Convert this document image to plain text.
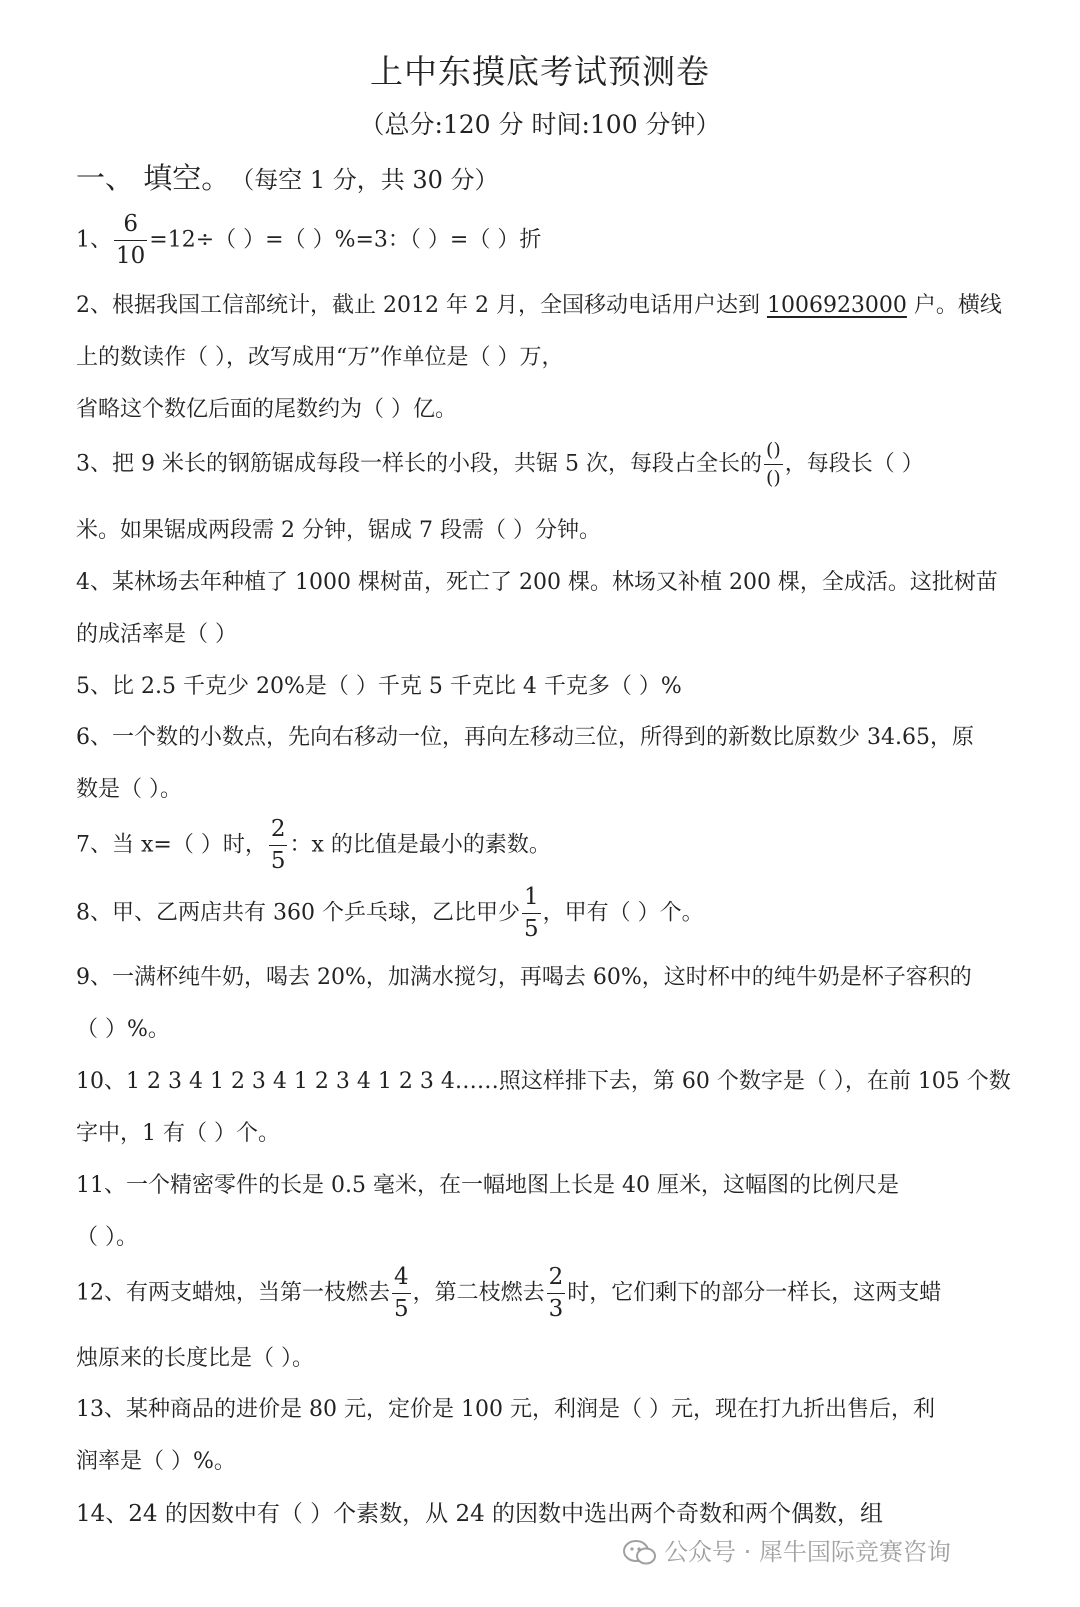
上中东摸底考试预测卷
（总分:120 分 时间:100 分钟）
一、 填空。 （每空 1 分，共 30 分）
1、 $\frac{6}{10} =12\div$（ ）=（ ）%=3：（ ）=（ ）折
2、根据我国工信部统计，截止 2012 年 2 月，全国移动电话用户达到 1006923000 户。横线
上的数读作（ ），改写成用“万”作单位是（ ）万，
省略这个数亿后面的尾数约为（ ）亿。
3、把 9 米长的钢筋锯成每段一样长的小段，共锯 5 次，每段占全长的 $\frac{()}{()}$ ，每段长（ ）
米。如果锯成两段需 2 分钟，锯成 7 段需（ ）分钟。
4、某林场去年种植了 1000 棵树苗，死亡了 200 棵。林场又补植 200 棵，全成活。这批树苗
的成活率是（ ）
5、比 2.5 千克少 20%是（ ）千克 5 千克比 4 千克多（ ）%
6、一个数的小数点，先向右移动一位，再向左移动三位，所得到的新数比原数少 34.65，原
数是（ ）。
7、当 x=（ ）时， $\frac{2}{5}$ ：x 的比值是最小的素数。
8、甲、乙两店共有 360 个乒乓球，乙比甲少 $\frac{1}{5}$ ，甲有（ ）个。
9、一满杯纯牛奶，喝去 20%，加满水搅匀，再喝去 60%，这时杯中的纯牛奶是杯子容积的
（ ）%。
10、1 2 3 4 1 2 3 4 1 2 3 4 1 2 3 4……照这样排下去，第 60 个数字是（ ），在前 105 个数
字中，1 有（ ）个。
11、一个精密零件的长是 0.5 毫米，在一幅地图上长是 40 厘米，这幅图的比例尺是
（ ）。
12、有两支蜡烛，当第一枝燃去 $\frac{4}{5}$ ，第二枝燃去 $\frac{2}{3}$ 时，它们剩下的部分一样长，这两支蜡
烛原来的长度比是（ ）。
13、某种商品的进价是 80 元，定价是 100 元，利润是（ ）元，现在打九折出售后，利
润率是（ ）%。
14、24 的因数中有（ ）个素数，从 24 的因数中选出两个奇数和两个偶数，组
公众号 · 犀牛国际竞赛咨询
